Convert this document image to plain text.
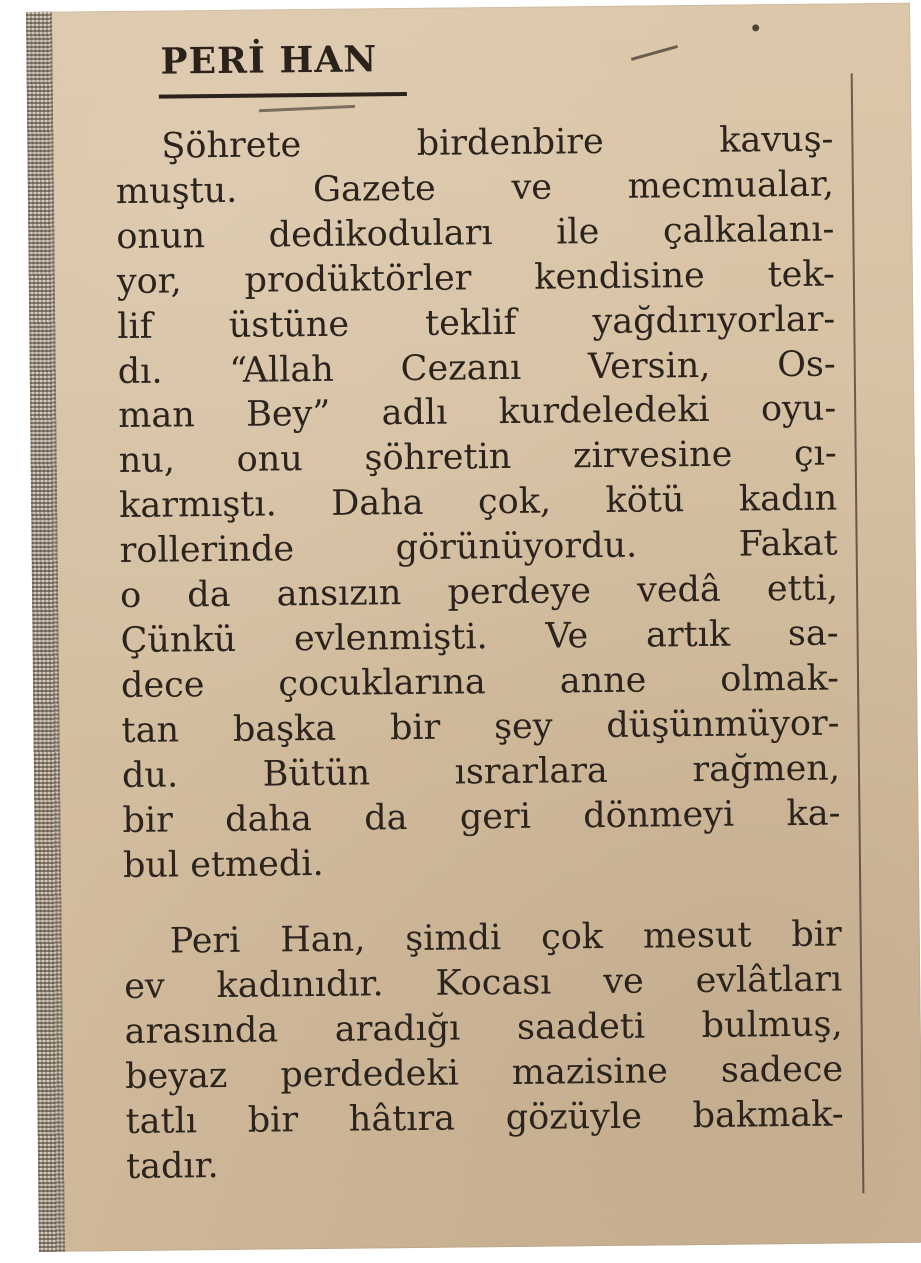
PERİ HAN
Şöhrete birdenbire kavuş-
muştu. Gazete ve mecmualar,
onun dedikoduları ile çalkalanı-
yor, prodüktörler kendisine tek-
lif üstüne teklif yağdırıyorlar-
dı. “Allah Cezanı Versin, Os-
man Bey” adlı kurdeledeki oyu-
nu, onu şöhretin zirvesine çı-
karmıştı. Daha çok, kötü kadın
rollerinde görünüyordu. Fakat
o da ansızın perdeye vedâ etti,
Çünkü evlenmişti. Ve artık sa-
dece çocuklarına anne olmak-
tan başka bir şey düşünmüyor-
du. Bütün ısrarlara rağmen,
bir daha da geri dönmeyi ka-
bul etmedi.
Peri Han, şimdi çok mesut bir
ev kadınıdır. Kocası ve evlâtları
arasında aradığı saadeti bulmuş,
beyaz perdedeki mazisine sadece
tatlı bir hâtıra gözüyle bakmak-
tadır.
